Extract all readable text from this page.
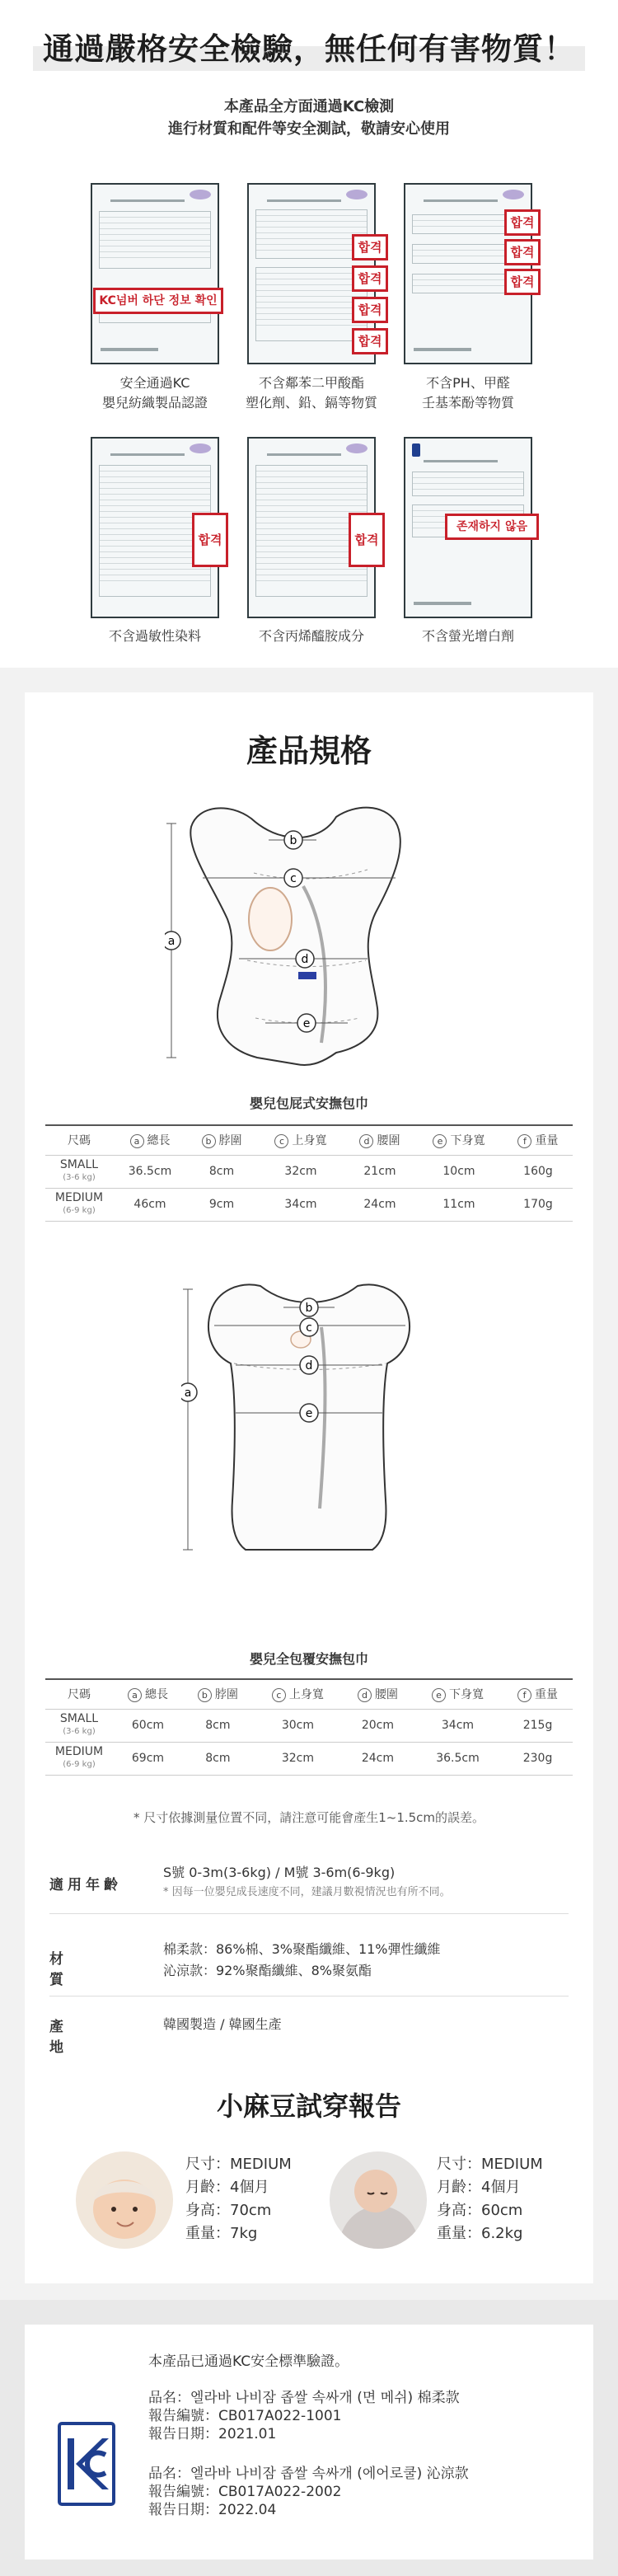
通過嚴格安全檢驗，無任何有害物質！
本產品全方面通過KC檢測
進行材質和配件等安全測試，敬請安心使用
KC넘버 하단 정보 확인
安全通過KC
嬰兒紡織製品認證
합격
합격
합격
합격
不含鄰苯二甲酸酯
塑化劑、鉛、鎘等物質
합격
합격
합격
不含PH、甲醛
壬基苯酚等物質
합격
不含過敏性染料
합격
不含丙烯醯胺成分
존재하지 않음
不含螢光增白劑
產品規格
a
b
c
d
e
嬰兒包屁式安撫包巾
尺碼	a 總長	b 脖圍	c 上身寬	d 腰圍	e 下身寬	f 重量

SMALL
(3-6 kg)	36.5cm	8cm	32cm	21cm	10cm	160g

MEDIUM
(6-9 kg)	46cm	9cm	34cm	24cm	11cm	170g
a
b
c
d
e
嬰兒全包覆安撫包巾
尺碼	a 總長	b 脖圍	c 上身寬	d 腰圍	e 下身寬	f 重量

SMALL
(3-6 kg)	60cm	8cm	30cm	20cm	34cm	215g

MEDIUM
(6-9 kg)	69cm	8cm	32cm	24cm	36.5cm	230g
* 尺寸依據測量位置不同，請注意可能會產生1~1.5cm的誤差。
適用年齡
S號 0-3m(3-6kg) / M號 3-6m(6-9kg)
* 因每一位嬰兒成長速度不同，建議月數視情況也有所不同。
材質
棉柔款：86%棉、3%聚酯纖維、11%彈性纖維
沁涼款：92%聚酯纖維、8%聚氨酯
產地
韓國製造 / 韓國生產
小麻豆試穿報告
尺寸：MEDIUM
月齡：4個月
身高：70cm
重量：7kg
尺寸：MEDIUM
月齡：4個月
身高：60cm
重量：6.2kg
本產品已通過KC安全標準驗證。
品名：엘라바 나비잠 좁쌀 속싸개 (면 메쉬) 棉柔款
報告編號：CB017A022-1001
報告日期：2021.01
品名：엘라바 나비잠 좁쌀 속싸개 (에어로쿨) 沁涼款
報告編號：CB017A022-2002
報告日期：2022.04
